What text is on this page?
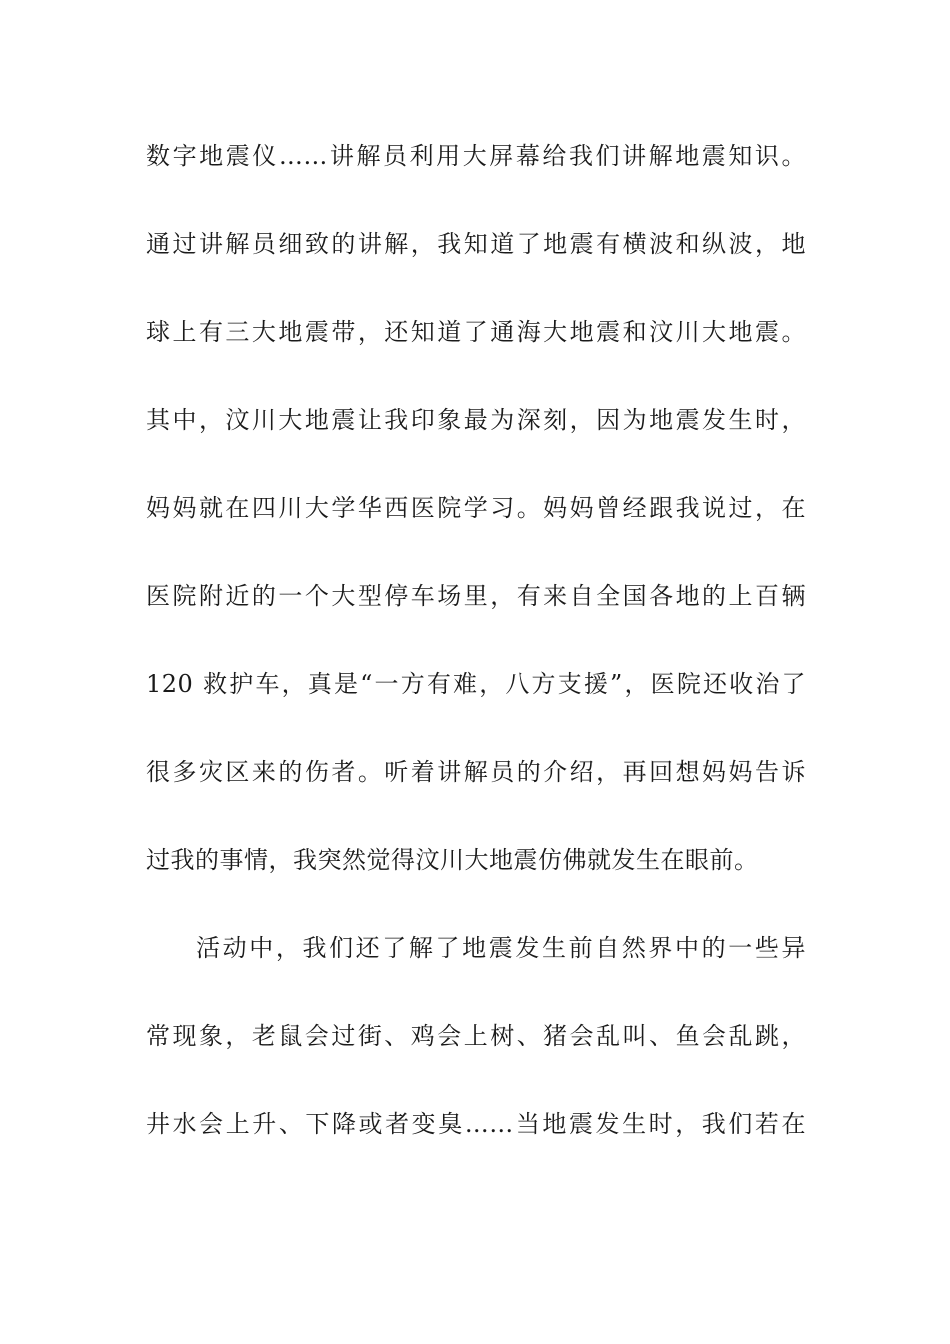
数字地震仪……讲解员利用大屏幕给我们讲解地震知识。
通过讲解员细致的讲解，我知道了地震有横波和纵波，地
球上有三大地震带，还知道了通海大地震和汶川大地震。
其中，汶川大地震让我印象最为深刻，因为地震发生时，
妈妈就在四川大学华西医院学习。妈妈曾经跟我说过，在
医院附近的一个大型停车场里，有来自全国各地的上百辆
120 救护车，真是“一方有难，八方支援”，医院还收治了
很多灾区来的伤者。听着讲解员的介绍，再回想妈妈告诉
过我的事情，我突然觉得汶川大地震仿佛就发生在眼前。
活动中，我们还了解了地震发生前自然界中的一些异
常现象，老鼠会过街、鸡会上树、猪会乱叫、鱼会乱跳，
井水会上升、下降或者变臭……当地震发生时，我们若在
